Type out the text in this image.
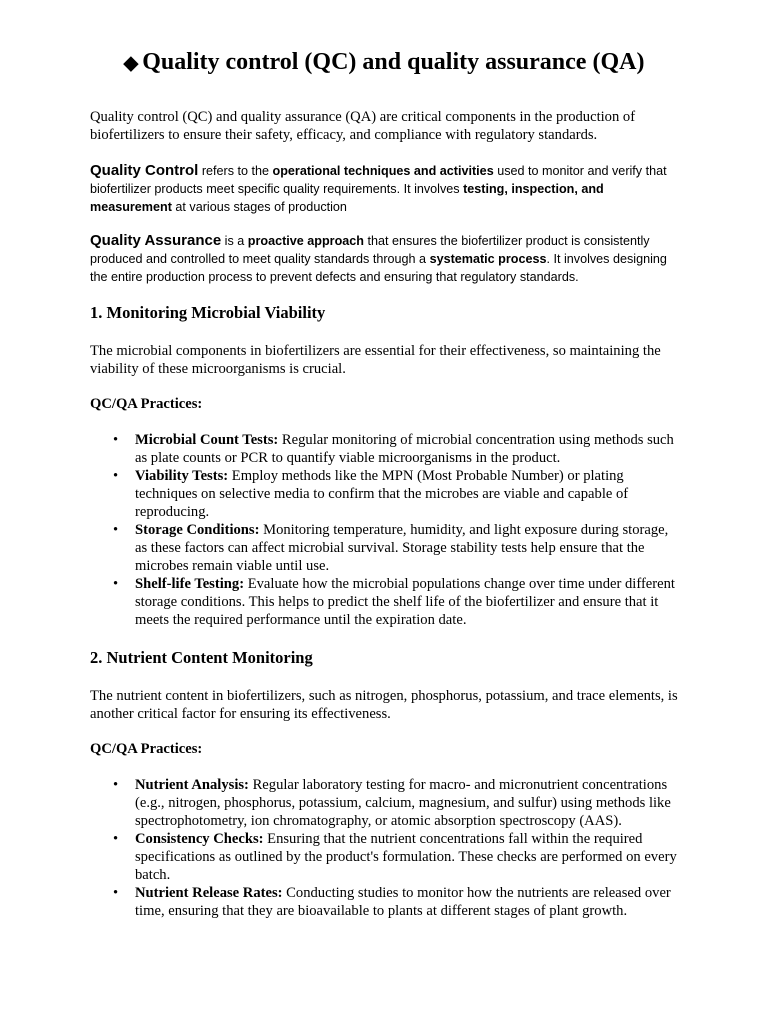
◆ Quality control (QC) and quality assurance (QA)

Quality control (QC) and quality assurance (QA) are critical components in the production of biofertilizers to ensure their safety, efficacy, and compliance with regulatory standards.

Quality Control refers to the operational techniques and activities used to monitor and verify that biofertilizer products meet specific quality requirements. It involves testing, inspection, and measurement at various stages of production

Quality Assurance is a proactive approach that ensures the biofertilizer product is consistently produced and controlled to meet quality standards through a systematic process. It involves designing the entire production process to prevent defects and ensuring that regulatory standards.

1. Monitoring Microbial Viability

The microbial components in biofertilizers are essential for their effectiveness, so maintaining the viability of these microorganisms is crucial.

QC/QA Practices:

• Microbial Count Tests: Regular monitoring of microbial concentration using methods such as plate counts or PCR to quantify viable microorganisms in the product.
• Viability Tests: Employ methods like the MPN (Most Probable Number) or plating techniques on selective media to confirm that the microbes are viable and capable of reproducing.
• Storage Conditions: Monitoring temperature, humidity, and light exposure during storage, as these factors can affect microbial survival. Storage stability tests help ensure that the microbes remain viable until use.
• Shelf-life Testing: Evaluate how the microbial populations change over time under different storage conditions. This helps to predict the shelf life of the biofertilizer and ensure that it meets the required performance until the expiration date.
2. Nutrient Content Monitoring

The nutrient content in biofertilizers, such as nitrogen, phosphorus, potassium, and trace elements, is another critical factor for ensuring its effectiveness.

QC/QA Practices:

• Nutrient Analysis: Regular laboratory testing for macro- and micronutrient concentrations (e.g., nitrogen, phosphorus, potassium, calcium, magnesium, and sulfur) using methods like spectrophotometry, ion chromatography, or atomic absorption spectroscopy (AAS).
• Consistency Checks: Ensuring that the nutrient concentrations fall within the required specifications as outlined by the product's formulation. These checks are performed on every batch.
• Nutrient Release Rates: Conducting studies to monitor how the nutrients are released over time, ensuring that they are bioavailable to plants at different stages of plant growth.
